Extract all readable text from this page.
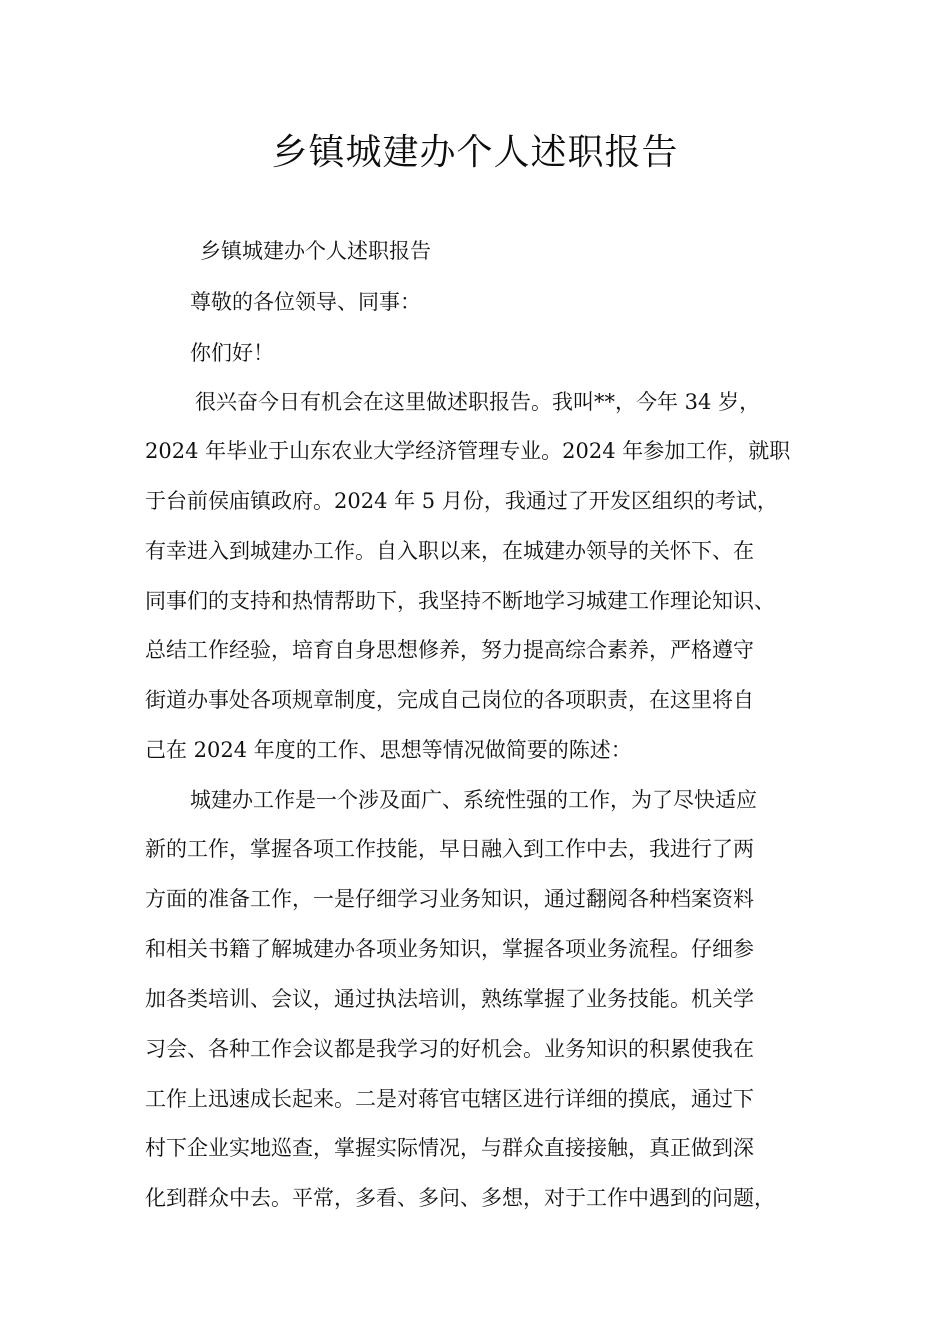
乡镇城建办个人述职报告
乡镇城建办个人述职报告
尊敬的各位领导、同事：
你们好！
很兴奋今日有机会在这里做述职报告。我叫**，今年 34 岁，
2024 年毕业于山东农业大学经济管理专业。2024 年参加工作，就职
于台前侯庙镇政府。2024 年 5 月份，我通过了开发区组织的考试，
有幸进入到城建办工作。自入职以来，在城建办领导的关怀下、在
同事们的支持和热情帮助下，我坚持不断地学习城建工作理论知识、
总结工作经验，培育自身思想修养，努力提高综合素养，严格遵守
街道办事处各项规章制度，完成自己岗位的各项职责，在这里将自
己在 2024 年度的工作、思想等情况做简要的陈述：
城建办工作是一个涉及面广、系统性强的工作，为了尽快适应
新的工作，掌握各项工作技能，早日融入到工作中去，我进行了两
方面的准备工作，一是仔细学习业务知识，通过翻阅各种档案资料
和相关书籍了解城建办各项业务知识，掌握各项业务流程。仔细参
加各类培训、会议，通过执法培训，熟练掌握了业务技能。机关学
习会、各种工作会议都是我学习的好机会。业务知识的积累使我在
工作上迅速成长起来。二是对蒋官屯辖区进行详细的摸底，通过下
村下企业实地巡查，掌握实际情况，与群众直接接触，真正做到深
化到群众中去。平常，多看、多问、多想，对于工作中遇到的问题，
